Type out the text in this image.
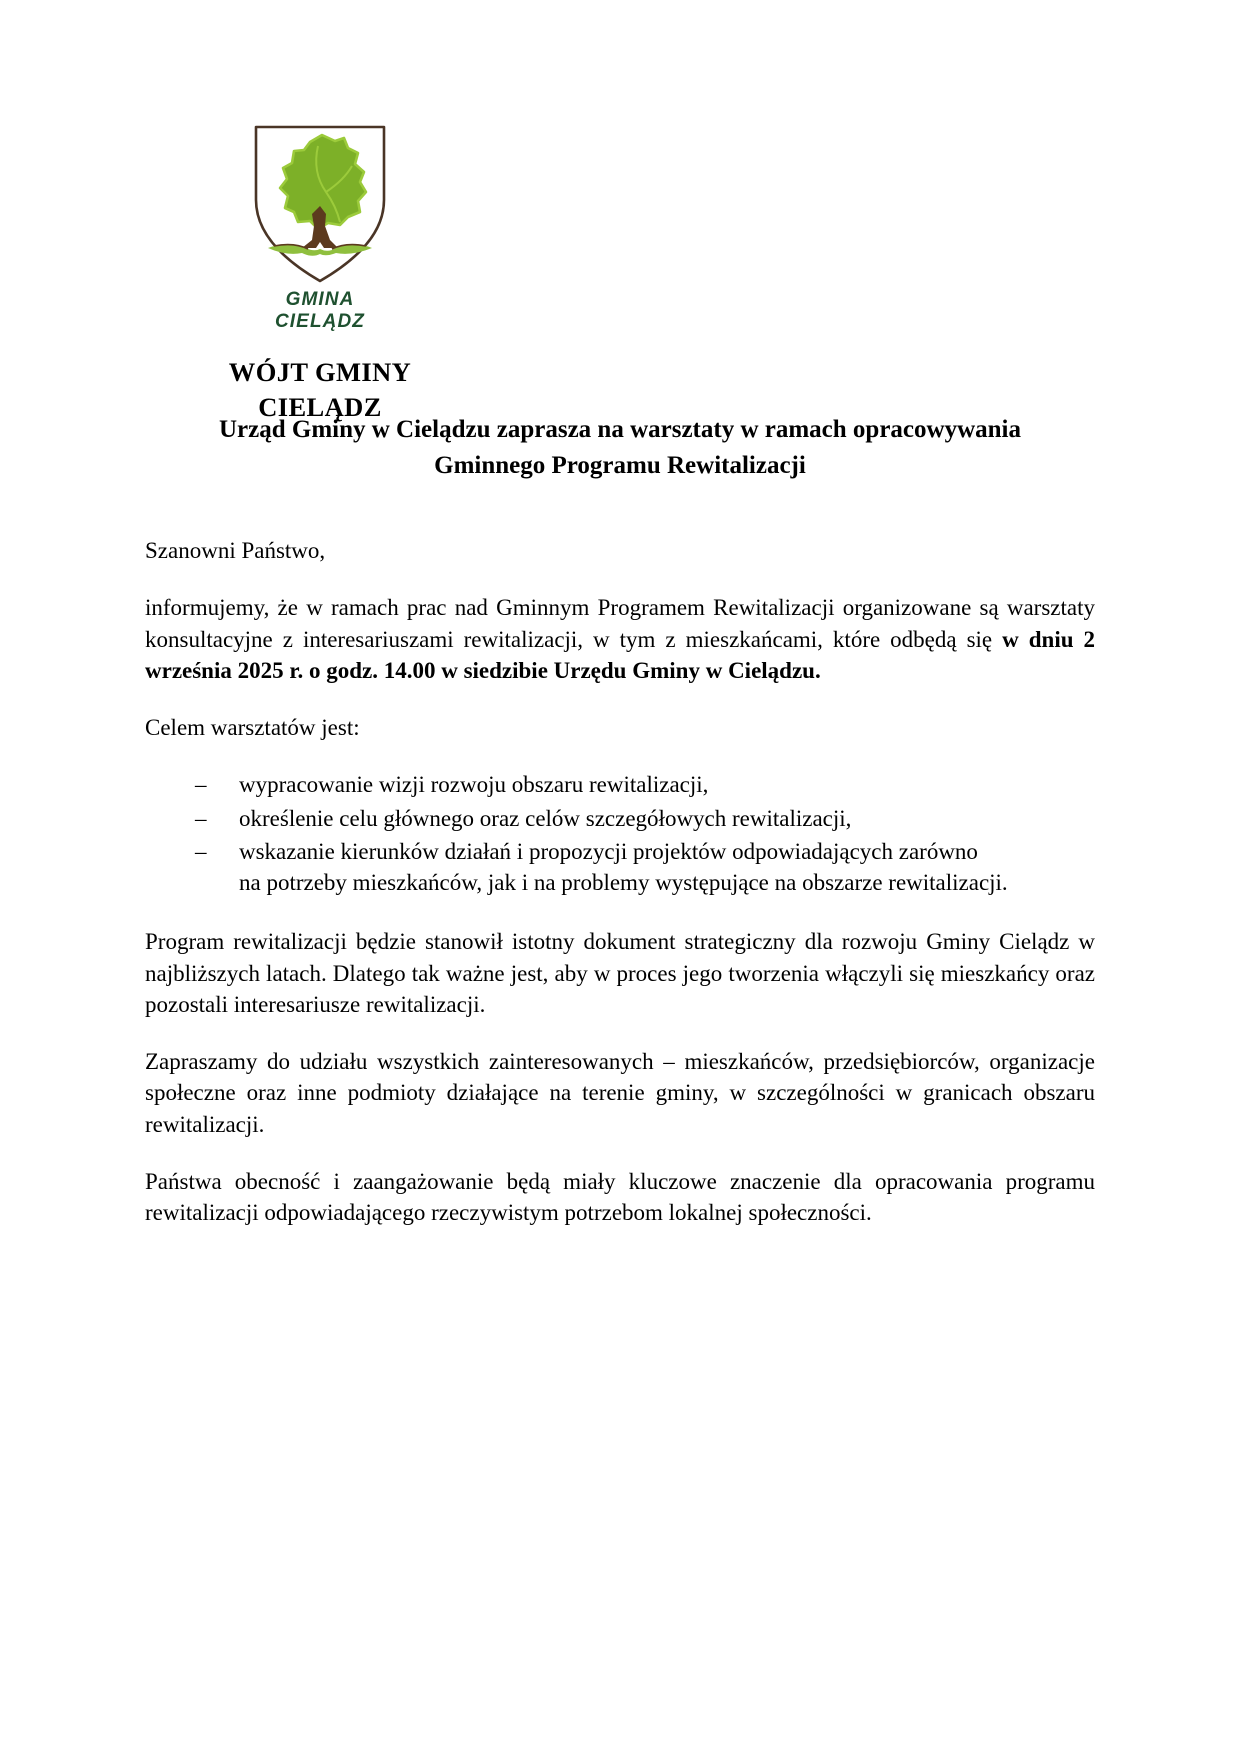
GMINA CIELĄDZ
WÓJT GMINY
CIELĄDZ
Urząd Gminy w Cielądzu zaprasza na warsztaty w ramach opracowywania
Gminnego Programu Rewitalizacji

Szanowni Państwo,

informujemy, że w ramach prac nad Gminnym Programem Rewitalizacji organizowane są warsztaty konsultacyjne z interesariuszami rewitalizacji, w tym z mieszkańcami, które odbędą się w dniu 2 września 2025 r. o godz. 14.00 w siedzibie Urzędu Gminy w Cielądzu.

Celem warsztatów jest:

– wypracowanie wizji rozwoju obszaru rewitalizacji,
– określenie celu głównego oraz celów szczegółowych rewitalizacji,
– wskazanie kierunków działań i propozycji projektów odpowiadających zarówno
na potrzeby mieszkańców, jak i na problemy występujące na obszarze rewitalizacji.

Program rewitalizacji będzie stanowił istotny dokument strategiczny dla rozwoju Gminy Cielądz w najbliższych latach. Dlatego tak ważne jest, aby w proces jego tworzenia włączyli się mieszkańcy oraz pozostali interesariusze rewitalizacji.

Zapraszamy do udziału wszystkich zainteresowanych – mieszkańców, przedsiębiorców, organizacje społeczne oraz inne podmioty działające na terenie gminy, w szczególności w granicach obszaru rewitalizacji.

Państwa obecność i zaangażowanie będą miały kluczowe znaczenie dla opracowania programu rewitalizacji odpowiadającego rzeczywistym potrzebom lokalnej społeczności.
